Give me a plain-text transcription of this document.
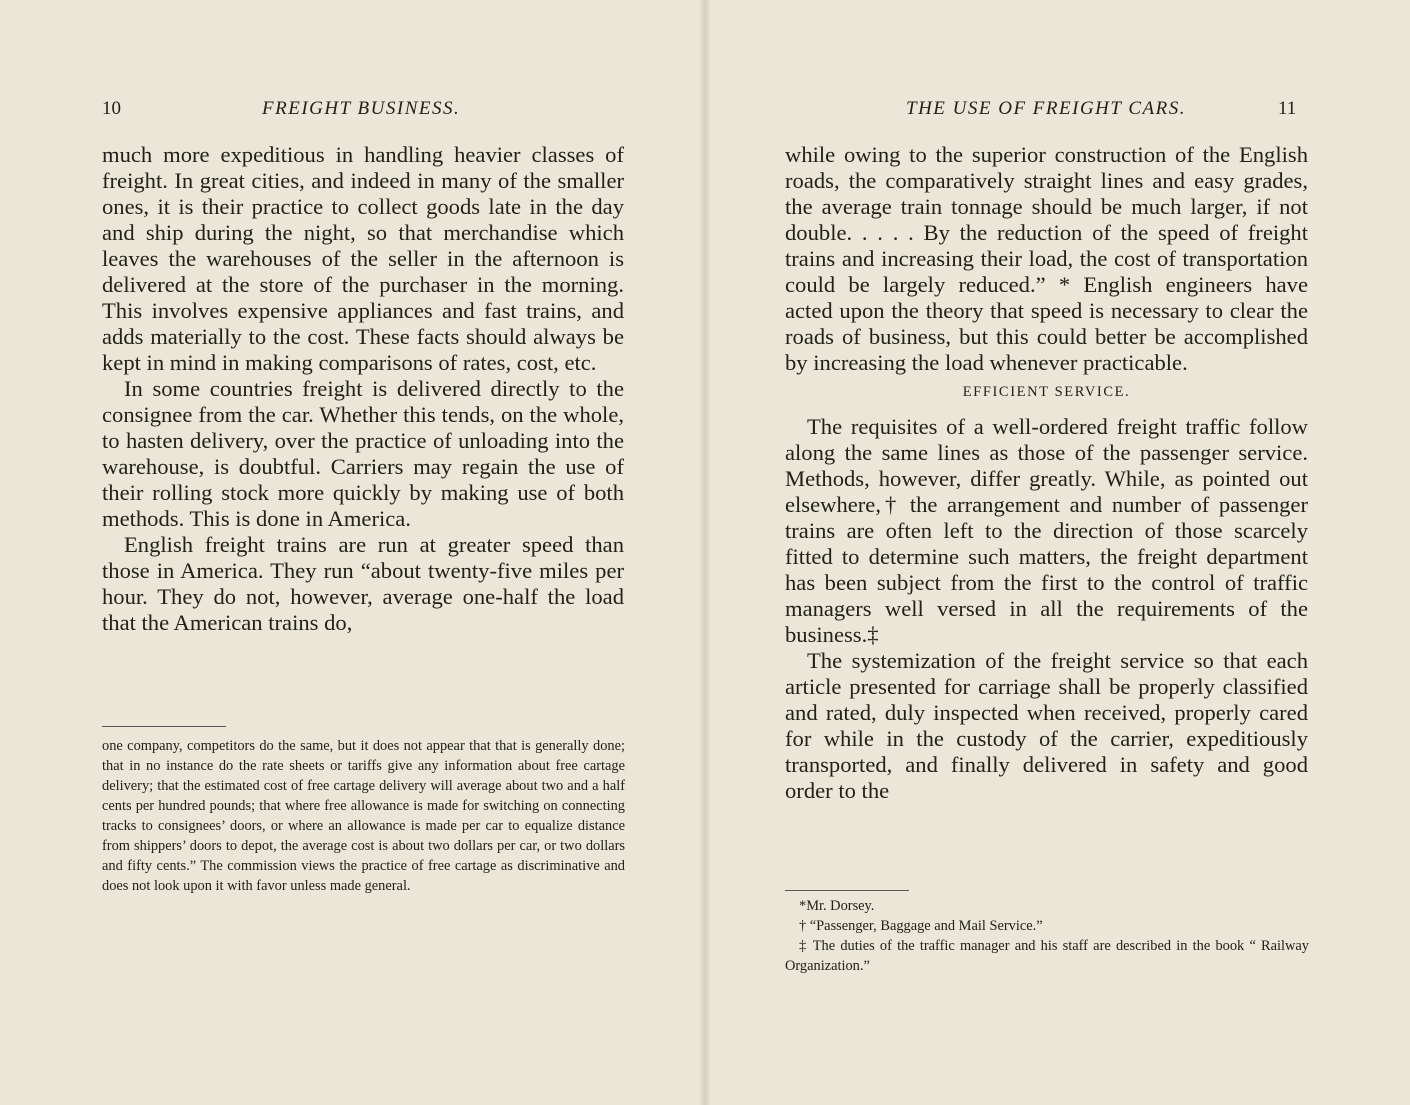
10	FREIGHT BUSINESS.

much more expeditious in handling heavier classes of freight. In great cities, and indeed in many of the smaller ones, it is their practice to collect goods late in the day and ship during the night, so that merchandise which leaves the warehouses of the seller in the afternoon is delivered at the store of the purchaser in the morning. This involves expensive appliances and fast trains, and adds materially to the cost. These facts should always be kept in mind in making comparisons of rates, cost, etc.

In some countries freight is delivered directly to the consignee from the car. Whether this tends, on the whole, to hasten delivery, over the practice of unloading into the warehouse, is doubtful. Carriers may regain the use of their rolling stock more quickly by making use of both methods. This is done in America.

English freight trains are run at greater speed than those in America. They run “about twenty-five miles per hour. They do not, however, average one-half the load that the American trains do,

one company, competitors do the same, but it does not appear that that is generally done; that in no instance do the rate sheets or tariffs give any information about free cartage delivery; that the estimated cost of free cartage delivery will average about two and a half cents per hundred pounds; that where free allowance is made for switching on connecting tracks to consignees’ doors, or where an allowance is made per car to equalize distance from shippers’ doors to depot, the average cost is about two dollars per car, or two dollars and fifty cents.” The commission views the practice of free cartage as discriminative and does not look upon it with favor unless made general.

THE USE OF FREIGHT CARS.	11

while owing to the superior construction of the English roads, the comparatively straight lines and easy grades, the average train tonnage should be much larger, if not double. . . . . By the reduction of the speed of freight trains and increasing their load, the cost of transportation could be largely reduced.” * English engineers have acted upon the theory that speed is necessary to clear the roads of business, but this could better be accomplished by increasing the load whenever practicable.

EFFICIENT SERVICE.

The requisites of a well-ordered freight traffic follow along the same lines as those of the passenger service. Methods, however, differ greatly. While, as pointed out elsewhere,† the arrangement and number of passenger trains are often left to the direction of those scarcely fitted to determine such matters, the freight department has been subject from the first to the control of traffic managers well versed in all the requirements of the business.‡

The systemization of the freight service so that each article presented for carriage shall be properly classified and rated, duly inspected when received, properly cared for while in the custody of the carrier, expeditiously transported, and finally delivered in safety and good order to the

*Mr. Dorsey.

† “Passenger, Baggage and Mail Service.”

‡ The duties of the traffic manager and his staff are described in the book “ Railway Organization.”
